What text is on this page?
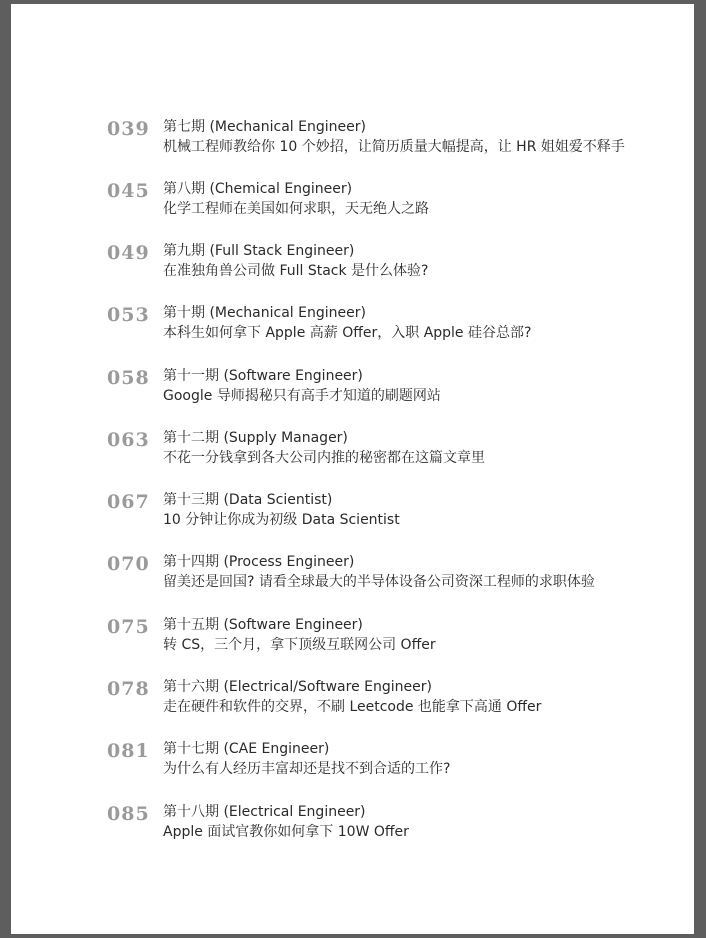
039 第七期 (Mechanical Engineer)
机械工程师教给你 10 个妙招，让简历质量大幅提高，让 HR 姐姐爱不释手
045 第八期 (Chemical Engineer)
化学工程师在美国如何求职，天无绝人之路
049 第九期 (Full Stack Engineer)
在准独角兽公司做 Full Stack 是什么体验?
053 第十期 (Mechanical Engineer)
本科生如何拿下 Apple 高薪 Offer，入职 Apple 硅谷总部?
058 第十一期 (Software Engineer)
Google 导师揭秘只有高手才知道的刷题网站
063 第十二期 (Supply Manager)
不花一分钱拿到各大公司内推的秘密都在这篇文章里
067 第十三期 (Data Scientist)
10 分钟让你成为初级 Data Scientist
070 第十四期 (Process Engineer)
留美还是回国? 请看全球最大的半导体设备公司资深工程师的求职体验
075 第十五期 (Software Engineer)
转 CS，三个月，拿下顶级互联网公司 Offer
078 第十六期 (Electrical/Software Engineer)
走在硬件和软件的交界，不刷 Leetcode 也能拿下高通 Offer
081 第十七期 (CAE Engineer)
为什么有人经历丰富却还是找不到合适的工作?
085 第十八期 (Electrical Engineer)
Apple 面试官教你如何拿下 10W Offer
